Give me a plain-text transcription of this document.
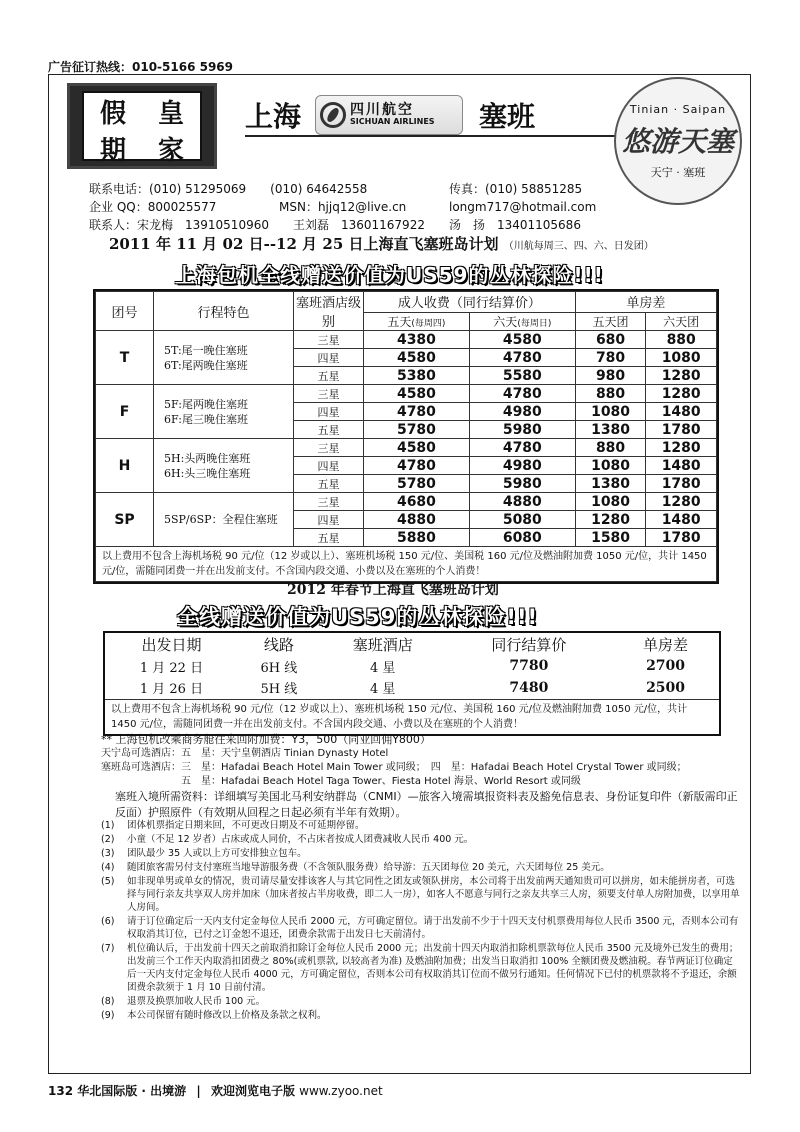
广告征订热线：010-5166 5969
假 皇
期 家
上海	四川航空
SICHUAN AIRLINES 塞班	Tinian · Saipan
悠游天塞
天宁 · 塞班
联系电话：(010) 51295069　　(010) 64642558	传真：(010) 58851285
企业 QQ：800025577	MSN：hjjq12@live.cn	longm717@hotmail.com
联系人：宋龙梅　13910510960　　王刘磊　13601167922　　汤　扬　13401105686
2011 年 11 月 02 日--12 月 25 日上海直飞塞班岛计划 （川航每周三、四、六、日发团）
上海包机全线赠送价值为US59的丛林探险!!!
团号	行程特色	塞班酒店级别	成人收费（同行结算价）		单房差	
			五天(每周四)	六天(每周日)	五天团	六天团
T	5T:尾一晚住塞班
6T:尾两晚住塞班	三星	4380	4580	680	880
		四星	4580	4780	780	1080
		五星	5380	5580	980	1280
F	5F:尾两晚住塞班
6F:尾三晚住塞班	三星	4580	4780	880	1280
		四星	4780	4980	1080	1480
		五星	5780	5980	1380	1780
H	5H:头两晚住塞班
6H:头三晚住塞班	三星	4580	4780	880	1280
		四星	4780	4980	1080	1480
		五星	5780	5980	1380	1780
SP	5SP/6SP：全程住塞班	三星	4680	4880	1080	1280
		四星	4880	5080	1280	1480
		五星	5880	6080	1580	1780
以上费用不包含上海机场税 90 元/位（12 岁或以上）、塞班机场税 150 元/位、美国税 160 元/位及燃油附加费 1050 元/位，共计 1450 元/位，需随同团费一并在出发前支付。不含国内段交通、小费以及在塞班的个人消费！						
2012 年春节上海直飞塞班岛计划
全线赠送价值为US59的丛林探险!!!
出发日期	线路	塞班酒店	同行结算价	单房差
1 月 22 日	6H 线	4 星	7780	2700
1 月 26 日	5H 线	4 星	7480	2500
以上费用不包含上海机场税 90 元/位（12 岁或以上）、塞班机场税 150 元/位、美国税 160 元/位及燃油附加费 1050 元/位，共计 1450 元/位，需随同团费一并在出发前支付。不含国内段交通、小费以及在塞班的个人消费！				
** 上海包机改乘商务舱往来回附加费：Y3，500（同业回佣Y800）
天宁岛可选酒店：五　星：天宁皇朝酒店 Tinian Dynasty Hotel
塞班岛可选酒店：三　星：Hafadai Beach Hotel Main Tower 或同级；　四　星：Hafadai Beach Hotel Crystal Tower 或同级；
　　　　　　　　五　星：Hafadai Beach Hotel Taga Tower、Fiesta Hotel 海景、World Resort 或同级
塞班入境所需资料：详细填写美国北马利安纳群岛（CNMI）—旅客入境需填报资料表及豁免信息表、身份证复印件（新版需印正反面）护照原件（有效期从回程之日起必须有半年有效期）。
(1)	团体机票指定日期来回，不可更改日期及不可延期停留。
(2)	小童（不足 12 岁者）占床或成人同价，不占床者按成人团费减收人民币 400 元。
(3)	团队最少 35 人或以上方可安排独立包车。
(4)	随团旅客需另付支付塞班当地导游服务费（不含领队服务费）给导游：五天团每位 20 美元，六天团每位 25 美元。
(5)	如非现单男或单女的情况，贵司请尽量安排该客人与其它同性之团友或领队拼房，本公司将于出发前两天通知贵司可以拼房，如未能拼房者，可选择与同行亲友共享双人房并加床（加床者按占半房收费，即二人一房），如客人不愿意与同行之亲友共享三人房，须要支付单人房附加费，以享用单人房间。
(6)	请于订位确定后一天内支付定金每位人民币 2000 元，方可确定留位。请于出发前不少于十四天支付机票费用每位人民币 3500 元，否则本公司有权取消其订位，已付之订金恕不退还，团费余款需于出发日七天前清付。
(7)	机位确认后，于出发前十四天之前取消扣除订金每位人民币 2000 元；出发前十四天内取消扣除机票款每位人民币 3500 元及境外已发生的费用；出发前三个工作天内取消扣团费之 80%(或机票款, 以较高者为准) 及燃油附加费；出发当日取消扣 100% 全额团费及燃油税。春节两证订位确定后一天内支付定金每位人民币 4000 元，方可确定留位，否则本公司有权取消其订位而不做另行通知。任何情况下已付的机票款将不予退还，余额团费余款须于 1 月 10 日前付清。
(8)	退票及换票加收人民币 100 元。
(9)	本公司保留有随时修改以上价格及条款之权利。
132 华北国际版 · 出境游 | 欢迎浏览电子版 www.zyoo.net
